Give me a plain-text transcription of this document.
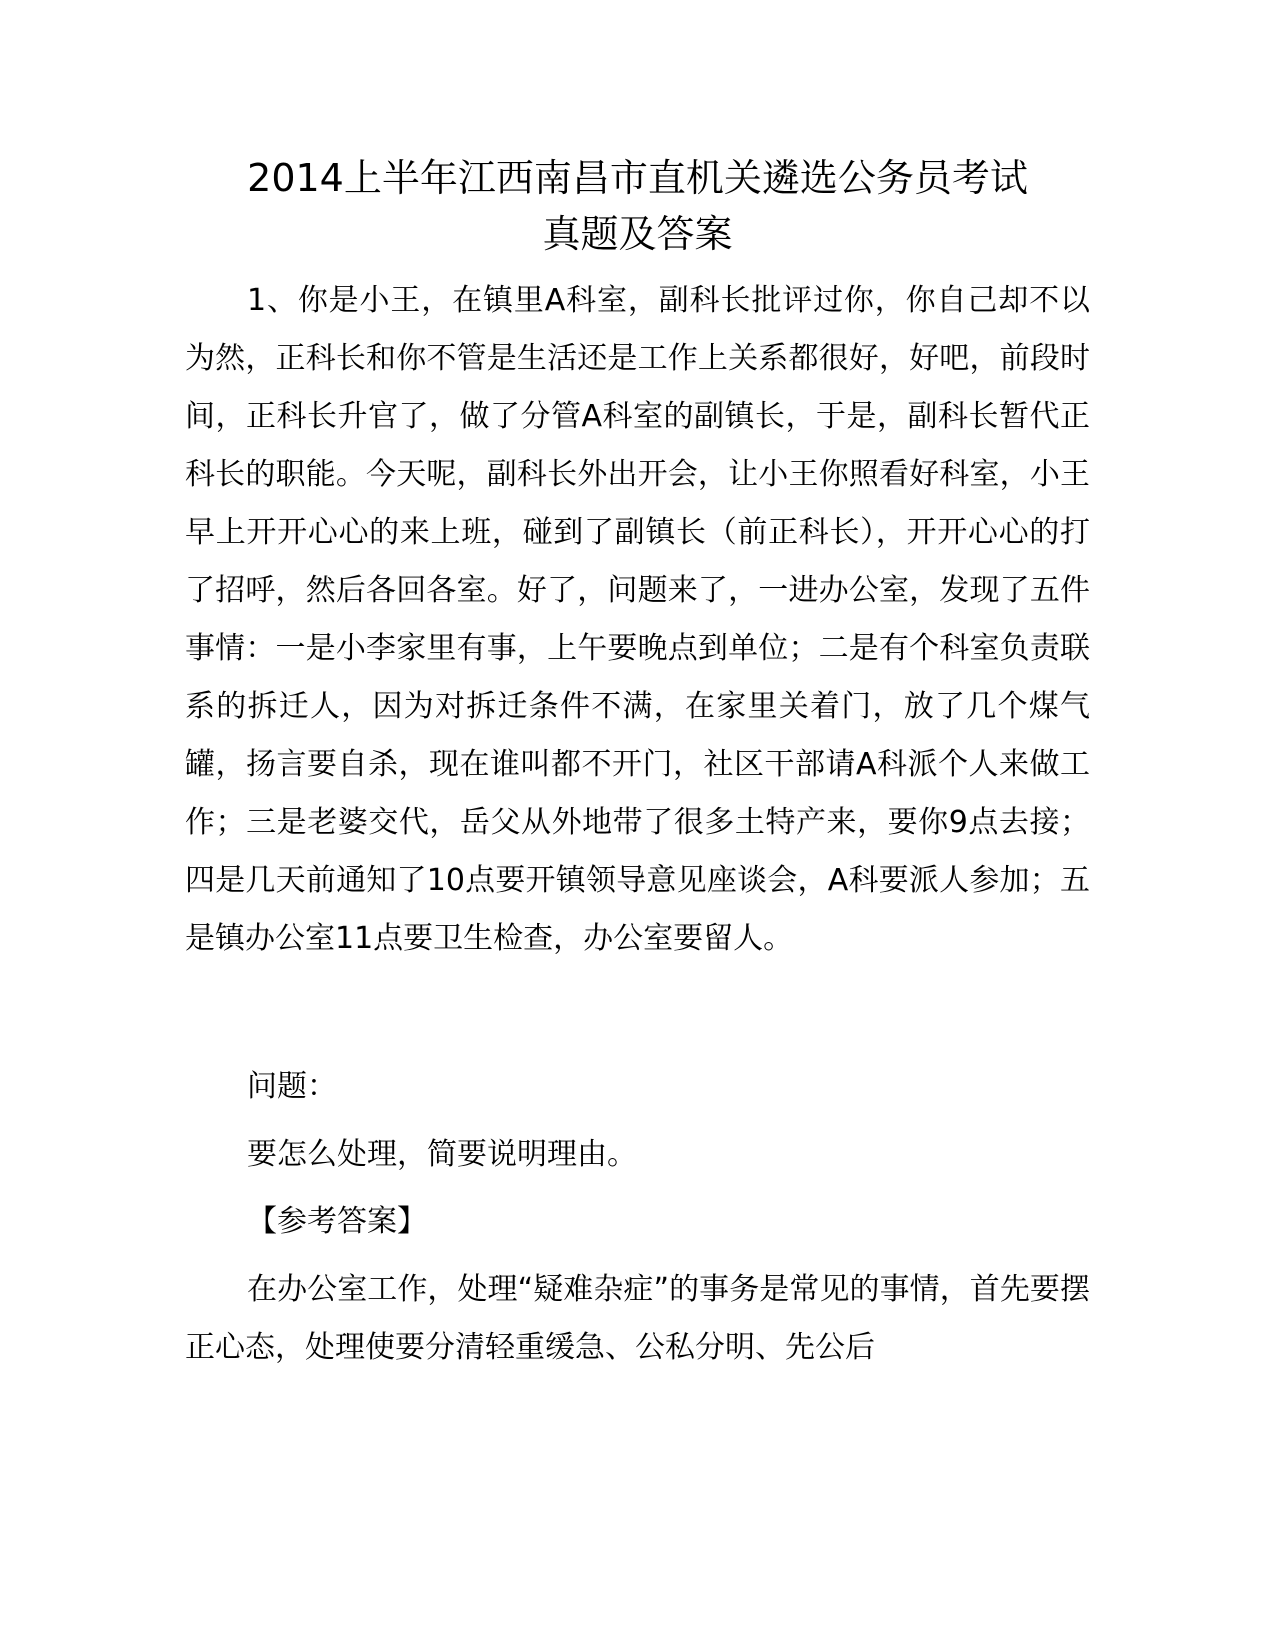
2014上半年江西南昌市直机关遴选公务员考试
真题及答案

1、你是小王，在镇里A科室，副科长批评过你，你自己却不以为然，正科长和你不管是生活还是工作上关系都很好，好吧，前段时间，正科长升官了，做了分管A科室的副镇长，于是，副科长暂代正科长的职能。今天呢，副科长外出开会，让小王你照看好科室，小王早上开开心心的来上班，碰到了副镇长（前正科长），开开心心的打了招呼，然后各回各室。好了，问题来了，一进办公室，发现了五件事情：一是小李家里有事，上午要晚点到单位；二是有个科室负责联系的拆迁人，因为对拆迁条件不满，在家里关着门，放了几个煤气罐，扬言要自杀，现在谁叫都不开门，社区干部请A科派个人来做工作；三是老婆交代，岳父从外地带了很多土特产来，要你9点去接；四是几天前通知了10点要开镇领导意见座谈会，A科要派人参加；五是镇办公室11点要卫生检查，办公室要留人。

问题：

要怎么处理，简要说明理由。

【参考答案】

在办公室工作，处理“疑难杂症”的事务是常见的事情，首先要摆正心态，处理使要分清轻重缓急、公私分明、先公后
